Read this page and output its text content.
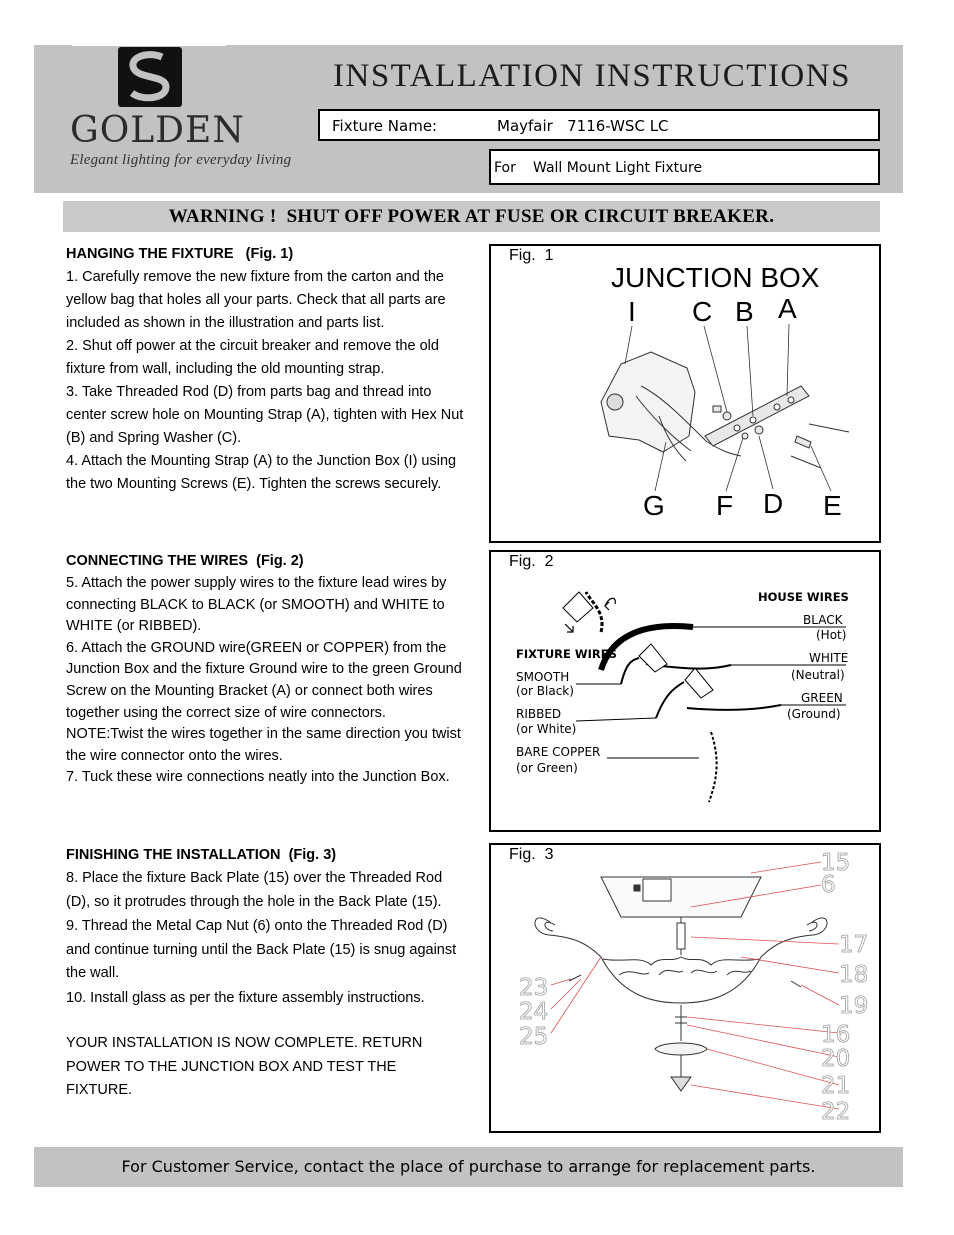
GOLDEN
Elegant lighting for everyday living
INSTALLATION INSTRUCTIONS
Fixture Name:	Mayfair   7116-WSC LC
For Wall Mount Light Fixture
WARNING !  SHUT OFF POWER AT FUSE OR CIRCUIT BREAKER.
HANGING THE FIXTURE   (Fig. 1)

1. Carefully remove the new fixture from the carton and the yellow bag that holes all your parts. Check that all parts are included as shown in the illustration and parts list.

2. Shut off power at the circuit breaker and remove the old fixture from wall, including the old mounting strap.

3. Take Threaded Rod (D) from parts bag and thread into center screw hole on Mounting Strap (A), tighten with Hex Nut (B) and Spring Washer (C).

4. Attach the Mounting Strap (A) to the Junction Box (I) using the two Mounting Screws (E). Tighten the screws securely.

CONNECTING THE WIRES  (Fig. 2)

5. Attach the power supply wires to the fixture lead wires by connecting BLACK to BLACK (or SMOOTH) and WHITE to WHITE (or RIBBED).

6. Attach the GROUND wire(GREEN or COPPER) from the Junction Box and the fixture Ground wire to the green Ground Screw on the Mounting Bracket (A) or connect both wires together using the correct size of wire connectors.

NOTE:Twist the wires together in the same direction you twist the wire connector onto the wires.

7. Tuck these wire connections neatly into the Junction Box.

FINISHING THE INSTALLATION  (Fig. 3)

8. Place the fixture Back Plate (15) over the Threaded Rod (D), so it protrudes through the hole in the Back Plate (15).

9. Thread the Metal Cap Nut (6) onto the Threaded Rod (D) and continue turning until the Back Plate (15) is snug against the wall.

10. Install glass as per the fixture assembly instructions.

YOUR INSTALLATION IS NOW COMPLETE. RETURN POWER TO THE JUNCTION BOX AND TEST THE FIXTURE.

JUNCTION BOX
I C B A
G F D E
Fig.  1
HOUSE WIRES
BLACK
(Hot)
WHITE
(Neutral)
GREEN
(Ground)
FIXTURE WIRES
SMOOTH
(or Black)
RIBBED
(or White)
BARE COPPER
(or Green)
Fig.  2
15
6
17
18
19
16
20
21
22
23
24
25
Fig.  3
For Customer Service, contact the place of purchase to arrange for replacement parts.
